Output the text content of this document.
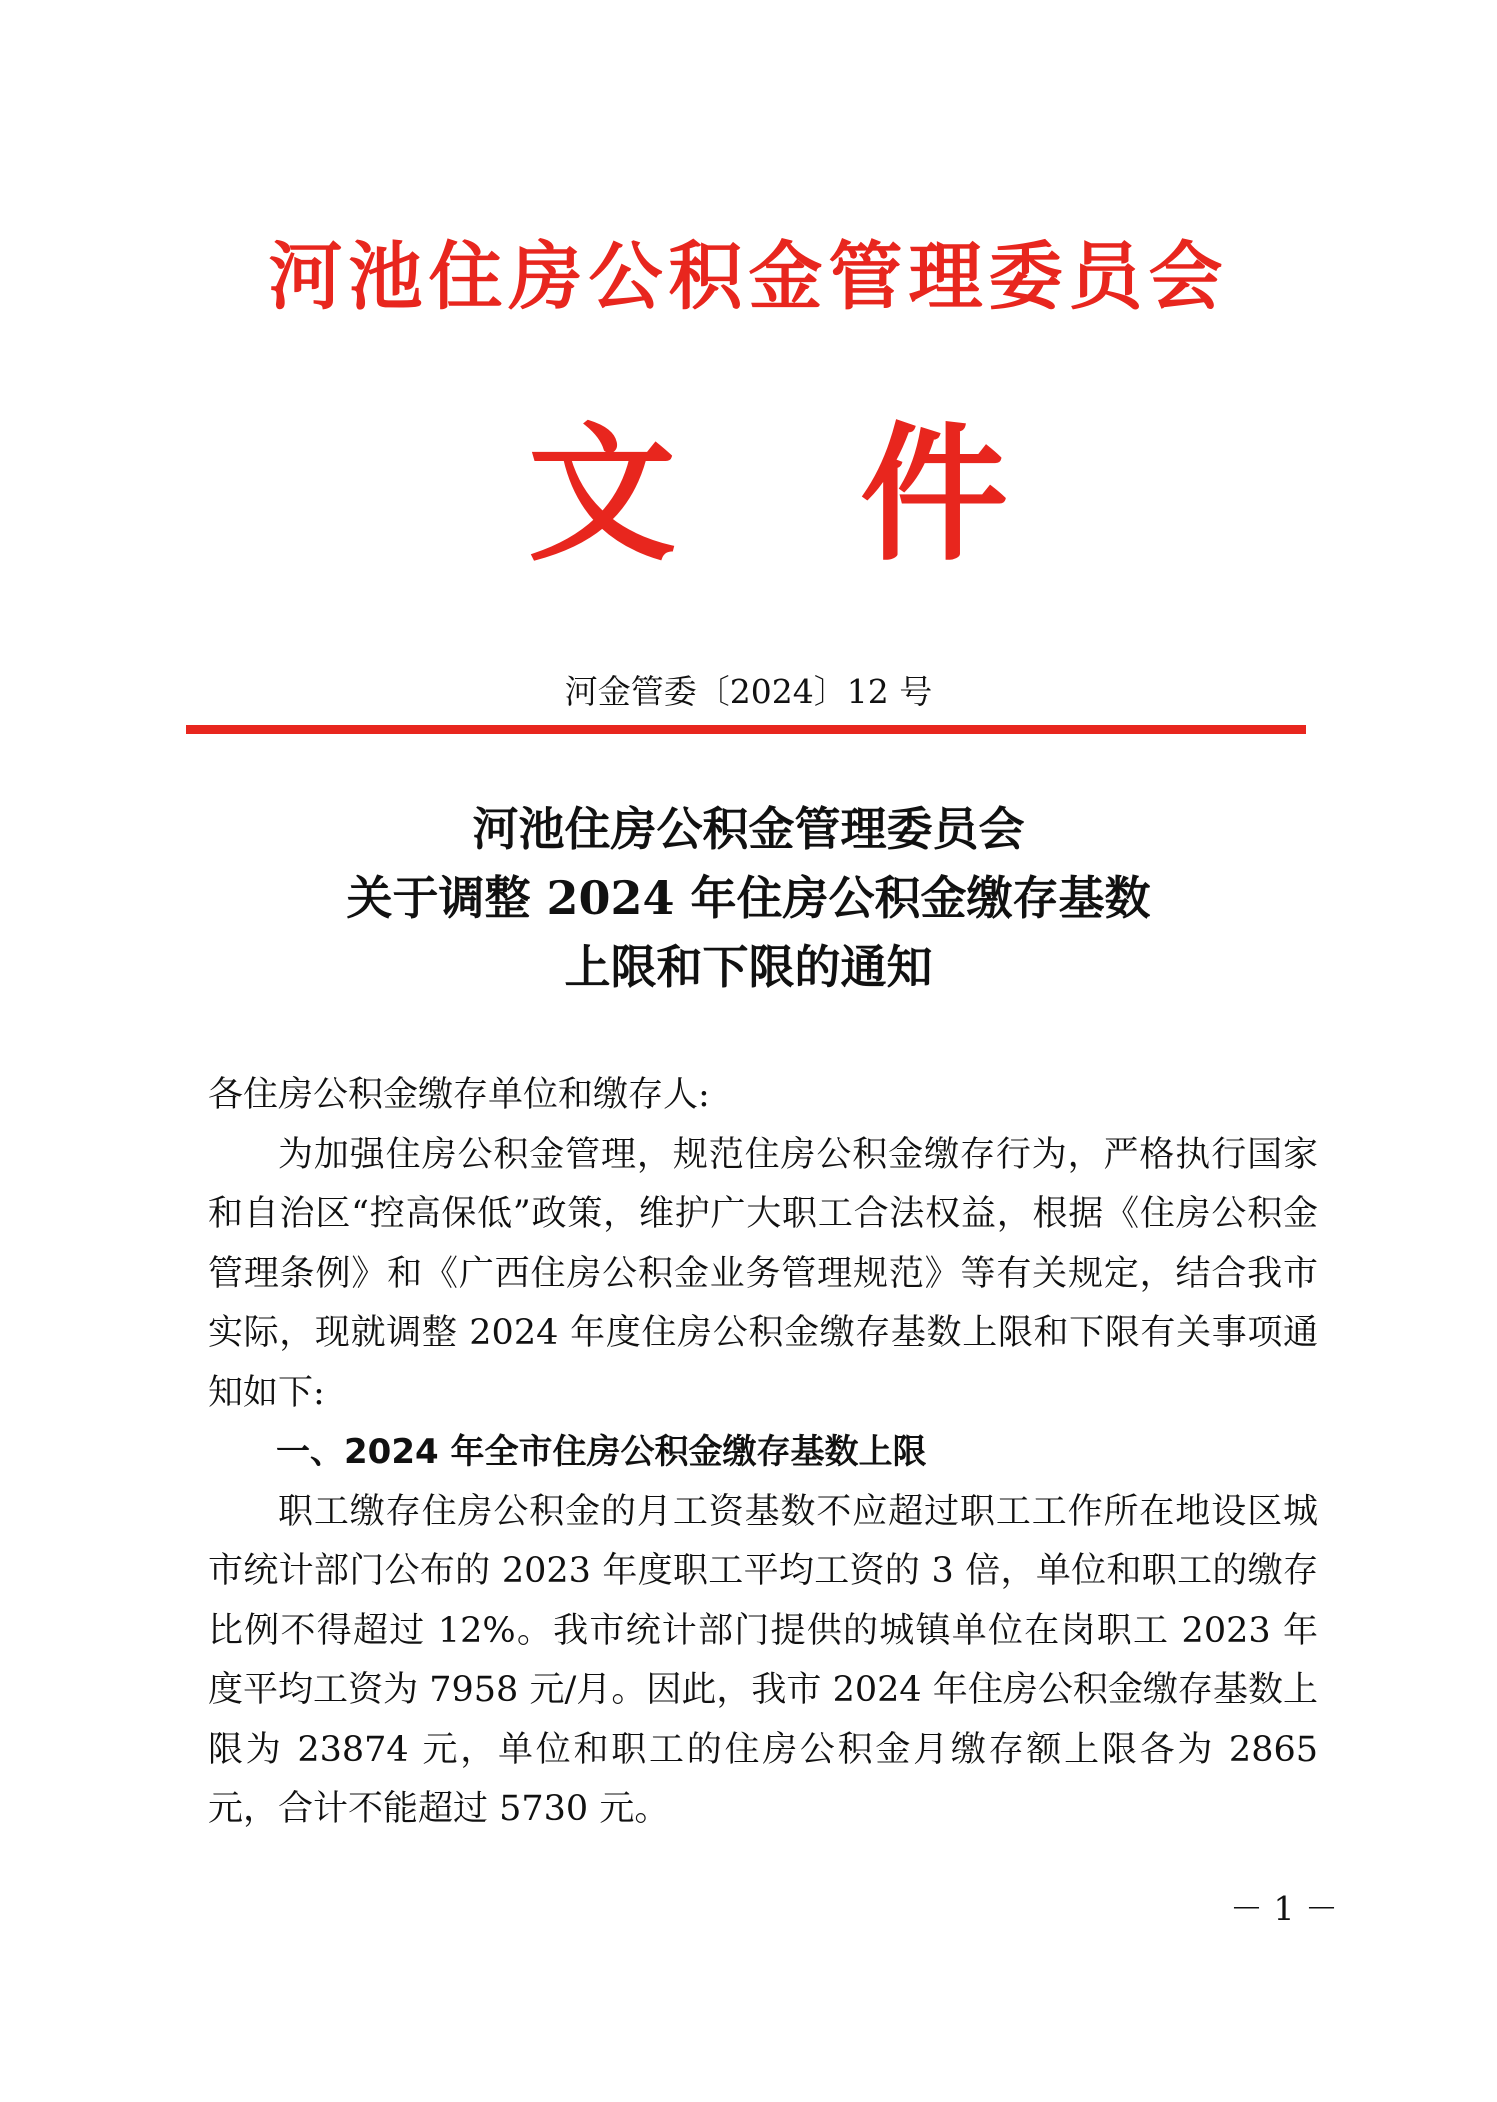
河池住房公积金管理委员会
文 件
河金管委〔2024〕12 号
河池住房公积金管理委员会
关于调整 2024 年住房公积金缴存基数
上限和下限的通知

各住房公积金缴存单位和缴存人:

为加强住房公积金管理，规范住房公积金缴存行为，严格执行国家和自治区“控高保低”政策，维护广大职工合法权益，根据《住房公积金管理条例》和《广西住房公积金业务管理规范》等有关规定，结合我市实际，现就调整 2024 年度住房公积金缴存基数上限和下限有关事项通知如下:

一、2024 年全市住房公积金缴存基数上限

职工缴存住房公积金的月工资基数不应超过职工工作所在地设区城市统计部门公布的 2023 年度职工平均工资的 3 倍，单位和职工的缴存比例不得超过 12%。我市统计部门提供的城镇单位在岗职工 2023 年度平均工资为 7958 元/月。因此，我市 2024 年住房公积金缴存基数上限为 23874 元，单位和职工的住房公积金月缴存额上限各为 2865 元，合计不能超过 5730 元。

－ 1 －
